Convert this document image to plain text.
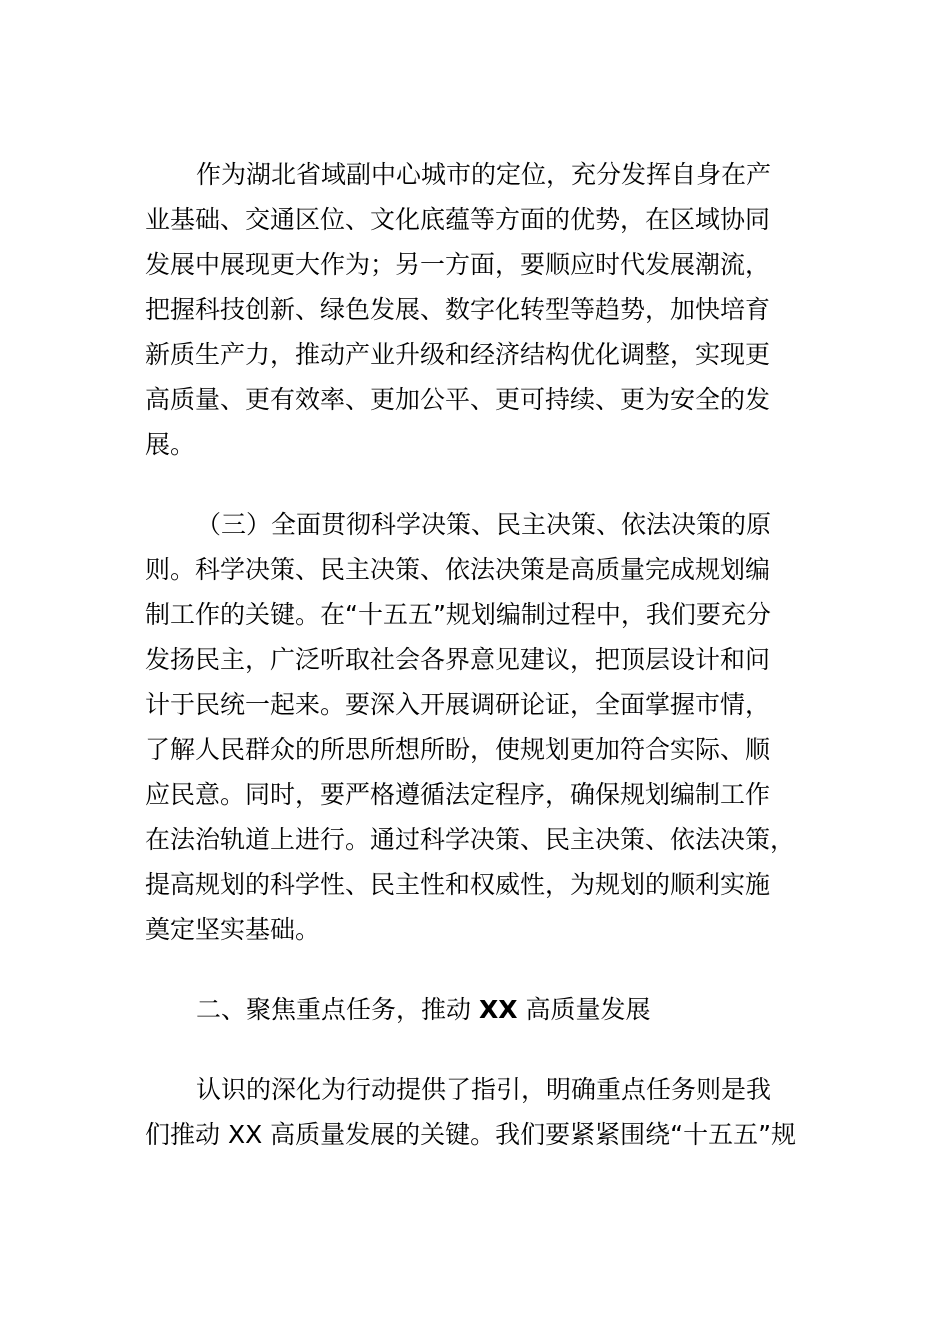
作为湖北省域副中心城市的定位，充分发挥自身在产

业基础、交通区位、文化底蕴等方面的优势，在区域协同

发展中展现更大作为；另一方面，要顺应时代发展潮流，

把握科技创新、绿色发展、数字化转型等趋势，加快培育

新质生产力，推动产业升级和经济结构优化调整，实现更

高质量、更有效率、更加公平、更可持续、更为安全的发

展。

（三）全面贯彻科学决策、民主决策、依法决策的原

则。科学决策、民主决策、依法决策是高质量完成规划编

制工作的关键。在“十五五”规划编制过程中，我们要充分

发扬民主，广泛听取社会各界意见建议，把顶层设计和问

计于民统一起来。要深入开展调研论证，全面掌握市情，

了解人民群众的所思所想所盼，使规划更加符合实际、顺

应民意。同时，要严格遵循法定程序，确保规划编制工作

在法治轨道上进行。通过科学决策、民主决策、依法决策，

提高规划的科学性、民主性和权威性，为规划的顺利实施

奠定坚实基础。

二、聚焦重点任务，推动 XX 高质量发展

认识的深化为行动提供了指引，明确重点任务则是我

们推动 XX 高质量发展的关键。我们要紧紧围绕“十五五”规
